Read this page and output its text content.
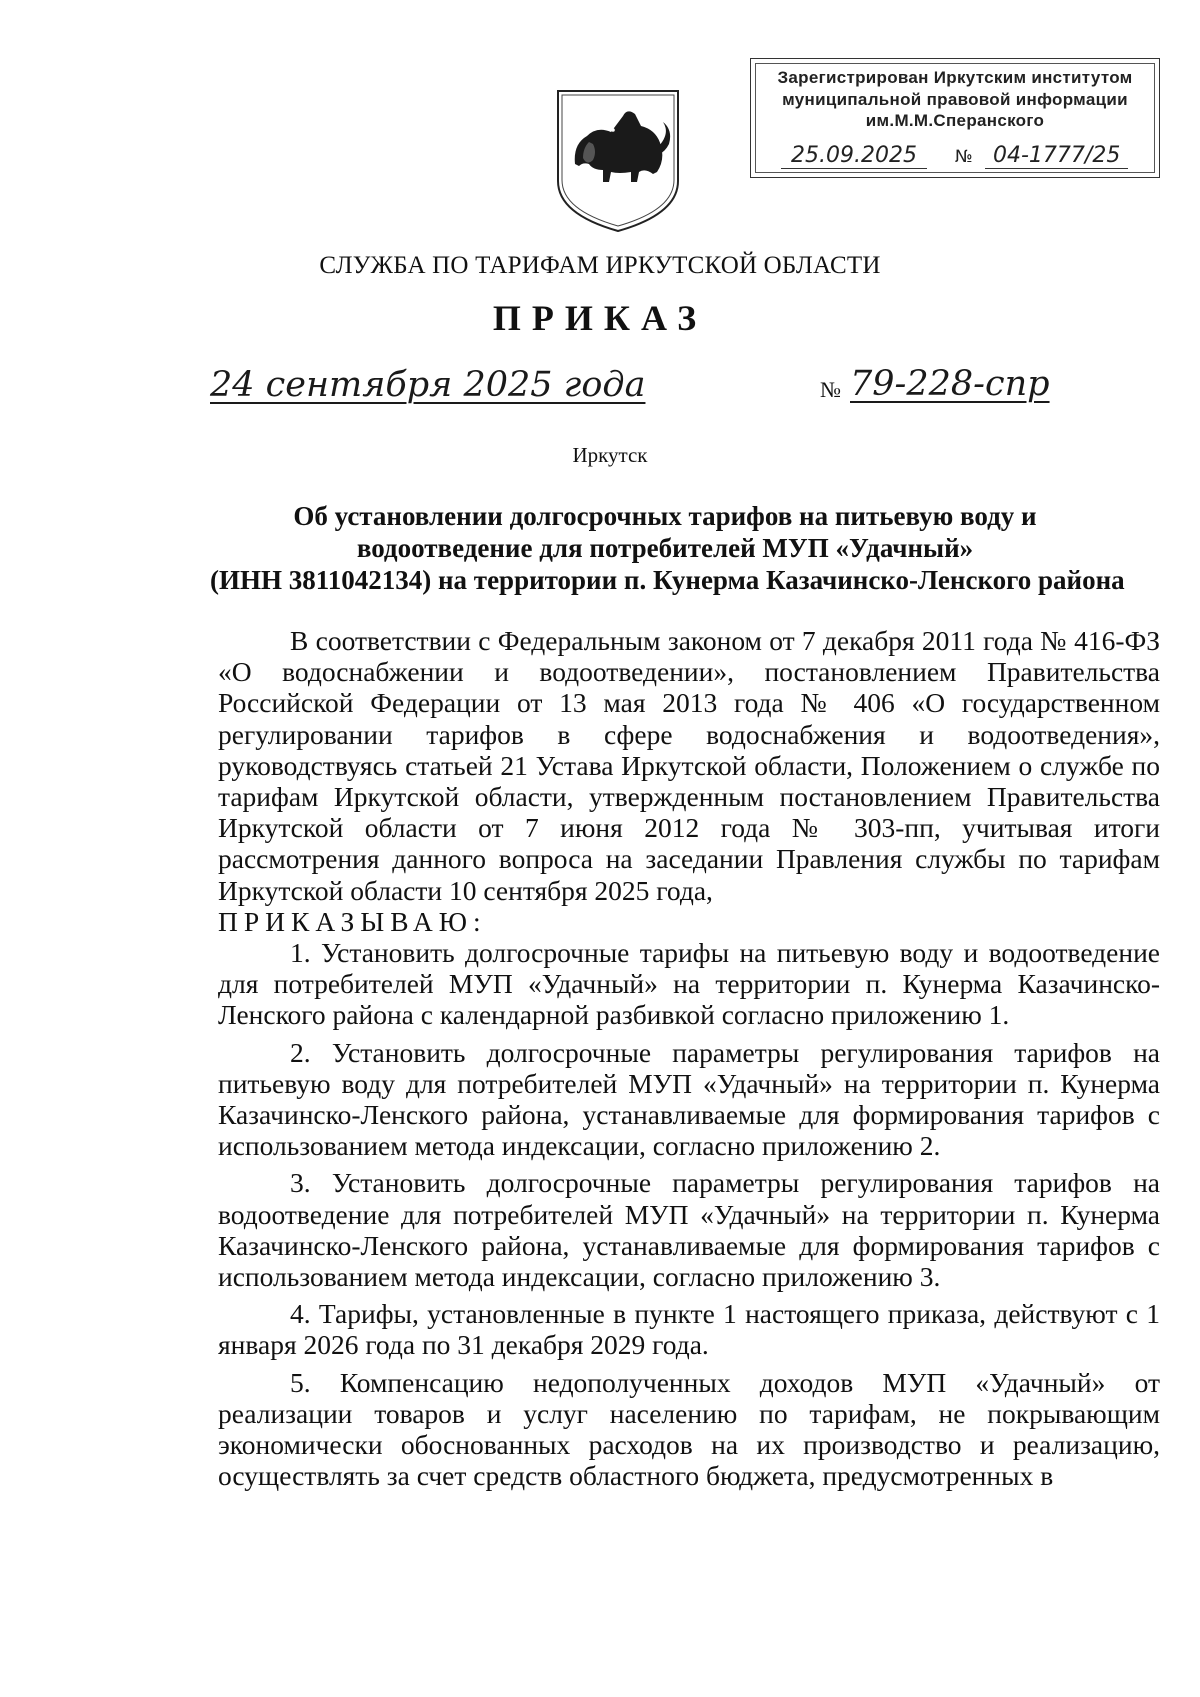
Зарегистрирован Иркутским институтом
муниципальной правовой информации
им.М.М.Сперанского
25.09.2025	№ 04-1777/25
СЛУЖБА ПО ТАРИФАМ ИРКУТСКОЙ ОБЛАСТИ
ПРИКАЗ
24 сентября 2025 года	№ 79-228-спр
Иркутск
Об установлении долгосрочных тарифов на питьевую воду и
водоотведение для потребителей МУП «Удачный»
(ИНН 3811042134) на территории п. Кунерма Казачинско-Ленского района

В соответствии с Федеральным законом от 7 декабря 2011 года № 416-ФЗ «О водоснабжении и водоотведении», постановлением Правительства Российской Федерации от 13 мая 2013 года № 406 «О государственном регулировании тарифов в сфере водоснабжения и водоотведения», руководствуясь статьей 21 Устава Иркутской области, Положением о службе по тарифам Иркутской области, утвержденным постановлением Правительства Иркутской области от 7 июня 2012 года № 303-пп, учитывая итоги рассмотрения данного вопроса на заседании Правления службы по тарифам Иркутской области 10 сентября 2025 года,

ПРИКАЗЫВАЮ:

1. Установить долгосрочные тарифы на питьевую воду и водоотведение для потребителей МУП «Удачный» на территории п. Кунерма Казачинско-Ленского района с календарной разбивкой согласно приложению 1.

2. Установить долгосрочные параметры регулирования тарифов на питьевую воду для потребителей МУП «Удачный» на территории п. Кунерма Казачинско-Ленского района, устанавливаемые для формирования тарифов с использованием метода индексации, согласно приложению 2.

3. Установить долгосрочные параметры регулирования тарифов на водоотведение для потребителей МУП «Удачный» на территории п. Кунерма Казачинско-Ленского района, устанавливаемые для формирования тарифов с использованием метода индексации, согласно приложению 3.

4. Тарифы, установленные в пункте 1 настоящего приказа, действуют с 1 января 2026 года по 31 декабря 2029 года.

5. Компенсацию недополученных доходов МУП «Удачный» от реализации товаров и услуг населению по тарифам, не покрывающим экономически обоснованных расходов на их производство и реализацию, осуществлять за счет средств областного бюджета, предусмотренных в
